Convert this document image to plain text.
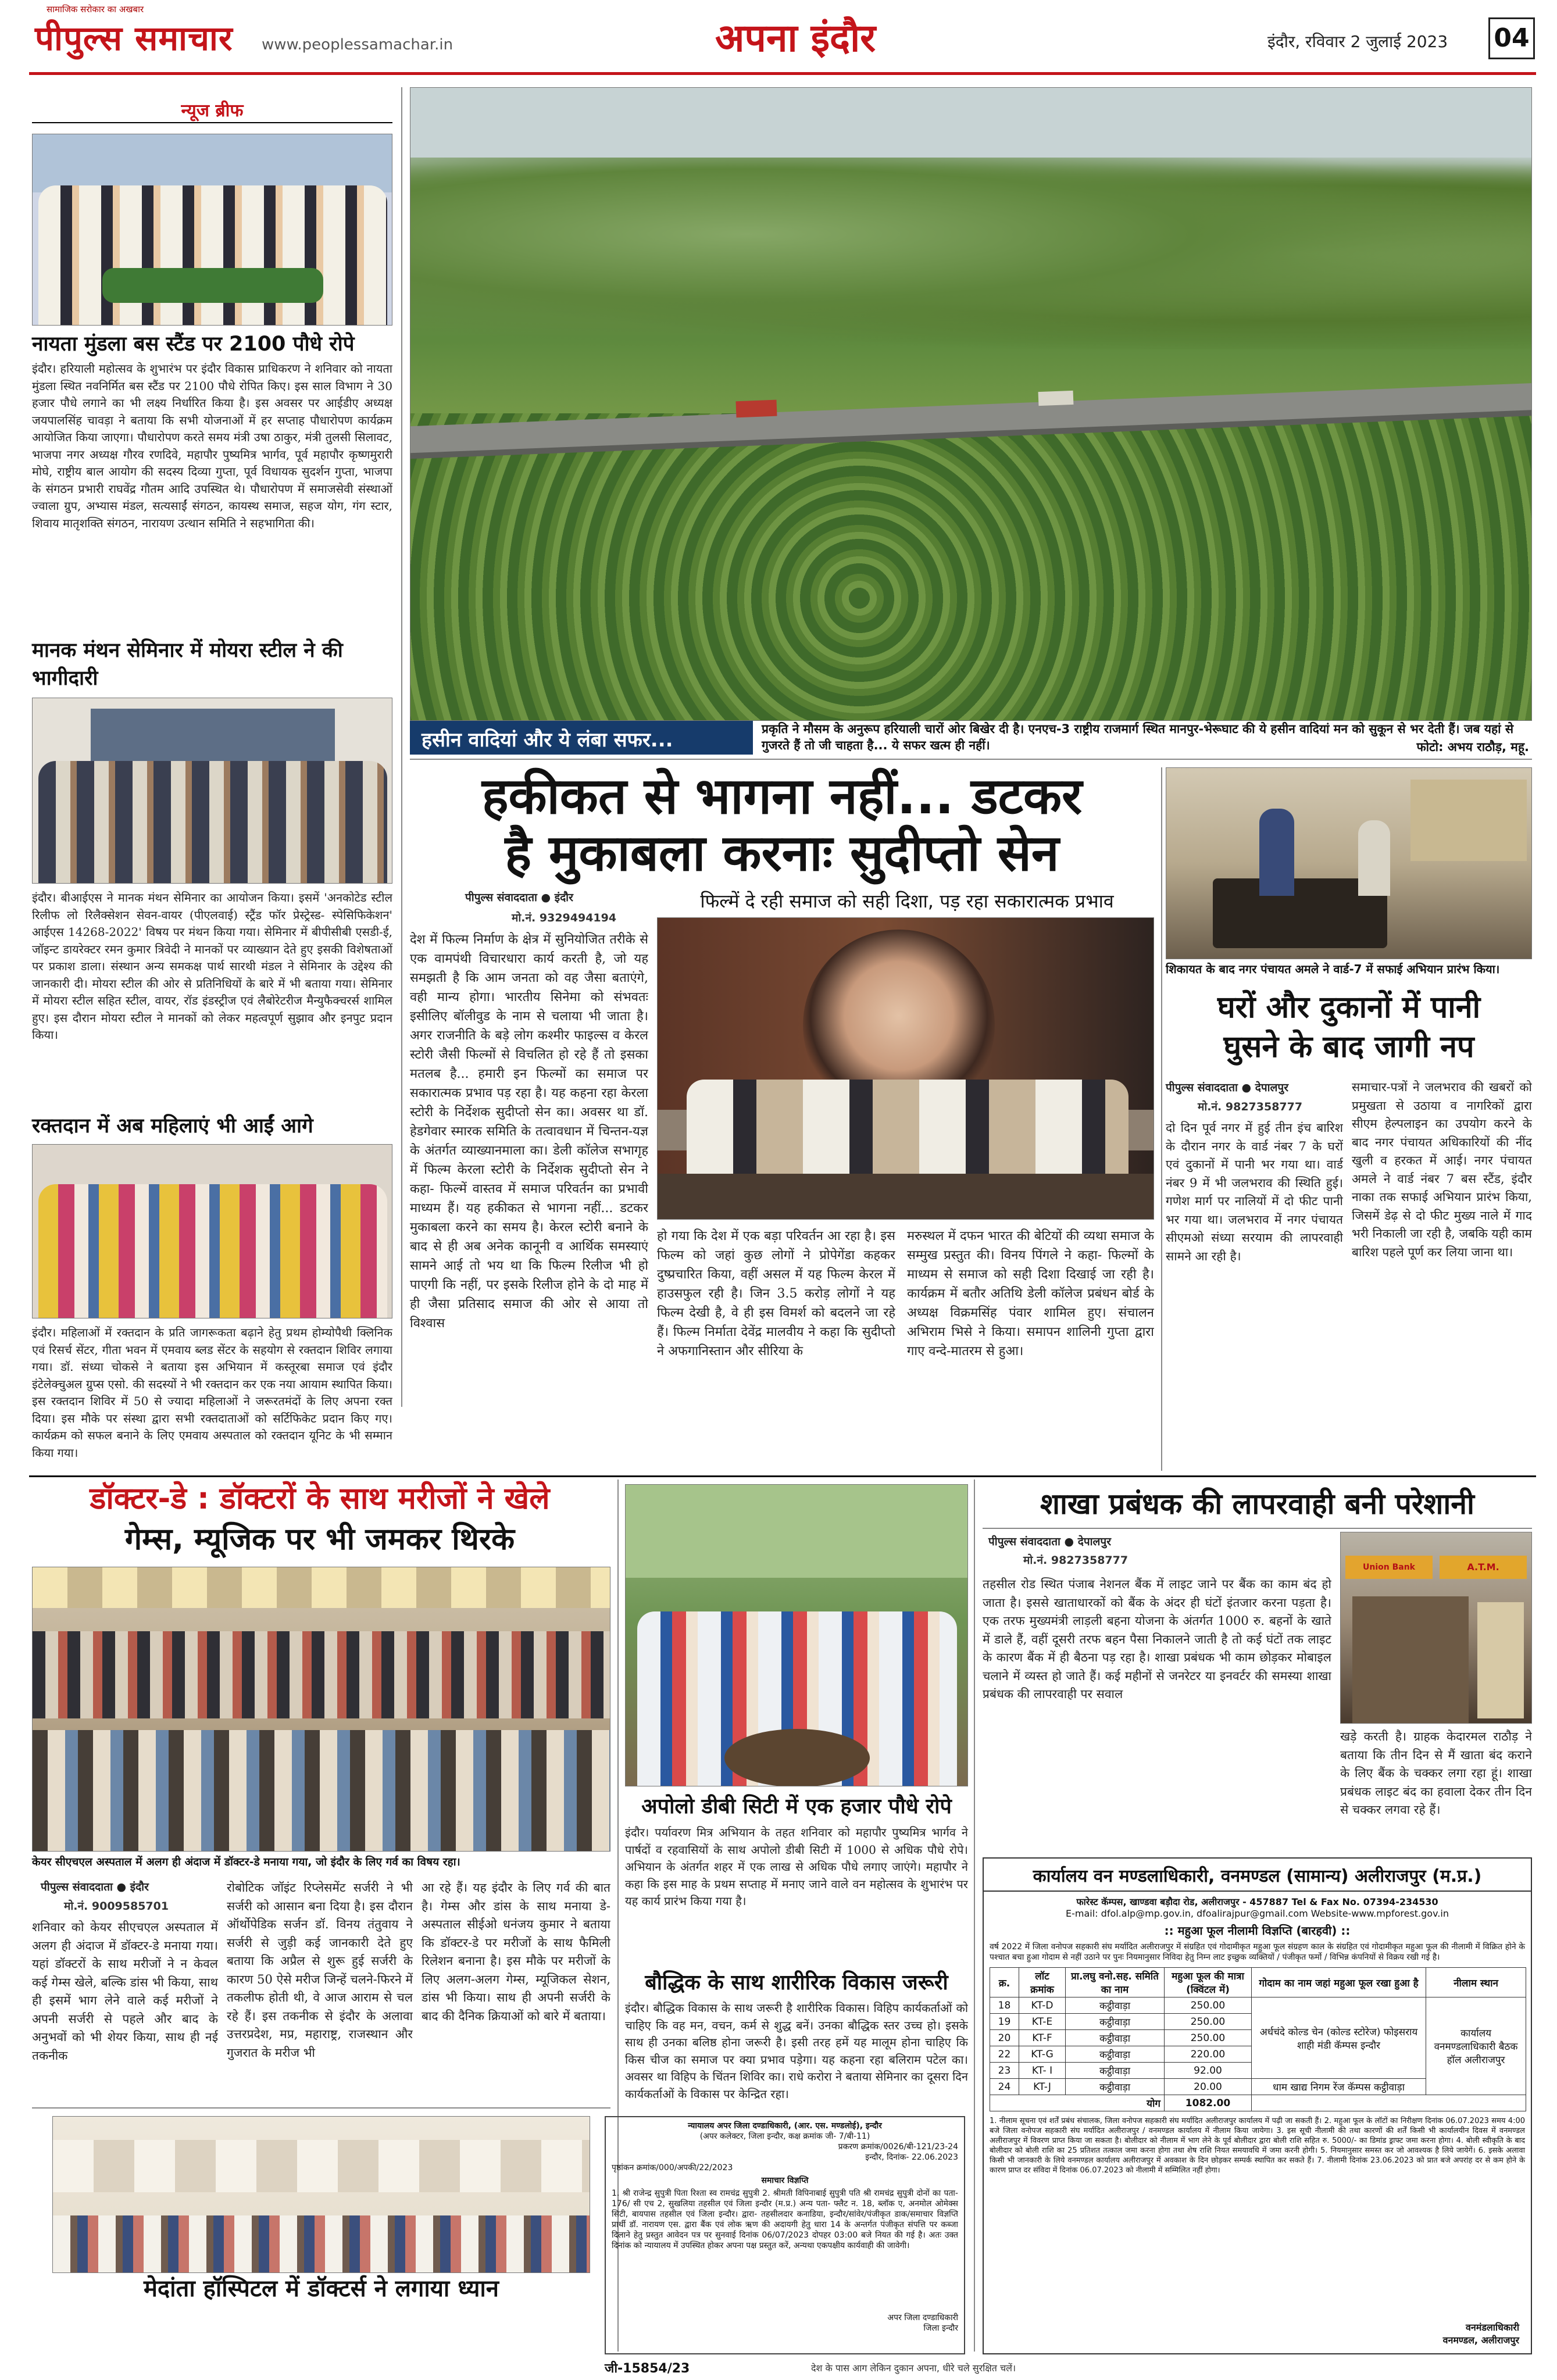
सामाजिक सरोकार का अखबार
पीपुल्स समाचार www.peoplessamachar.in	अपना इंदौर	इंदौर, रविवार 2 जुलाई 2023 04
न्यूज ब्रीफ
नायता मुंडला बस स्टैंड पर 2100 पौधे रोपे
इंदौर। हरियाली महोत्सव के शुभारंभ पर इंदौर विकास प्राधिकरण ने शनिवार को नायता मुंडला स्थित नवनिर्मित बस स्टैंड पर 2100 पौधे रोपित किए। इस साल विभाग ने 30 हजार पौधे लगाने का भी लक्ष्य निर्धारित किया है। इस अवसर पर आईडीए अध्यक्ष जयपालसिंह चावड़ा ने बताया कि सभी योजनाओं में हर सप्ताह पौधारोपण कार्यक्रम आयोजित किया जाएगा। पौधारोपण करते समय मंत्री उषा ठाकुर, मंत्री तुलसी सिलावट, भाजपा नगर अध्यक्ष गौरव रणदिवे, महापौर पुष्यमित्र भार्गव, पूर्व महापौर कृष्णमुरारी मोघे, राष्ट्रीय बाल आयोग की सदस्य दिव्या गुप्ता, पूर्व विधायक सुदर्शन गुप्ता, भाजपा के संगठन प्रभारी राघवेंद्र गौतम आदि उपस्थित थे। पौधारोपण में समाजसेवी संस्थाओं ज्वाला ग्रुप, अभ्यास मंडल, सत्यसाईं संगठन, कायस्थ समाज, सहज योग, गंग स्टार, शिवाय मातृशक्ति संगठन, नारायण उत्थान समिति ने सहभागिता की।
मानक मंथन सेमिनार में मोयरा स्टील ने की भागीदारी
इंदौर। बीआईएस ने मानक मंथन सेमिनार का आयोजन किया। इसमें 'अनकोटेड स्टील रिलीफ लो रिलैक्सेशन सेवन-वायर (पीएलवाई) स्ट्रैंड फॉर प्रेस्ट्रेस्ड- स्पेसिफिकेशन' आईएस 14268-2022' विषय पर मंथन किया गया। सेमिनार में बीपीसीबी एसडी-ई, जॉइन्ट डायरेक्टर रमन कुमार त्रिवेदी ने मानकों पर व्याख्यान देते हुए इसकी विशेषताओं पर प्रकाश डाला। संस्थान अन्य समकक्ष पार्थ सारथी मंडल ने सेमिनार के उद्देश्य की जानकारी दी। मोयरा स्टील की ओर से प्रतिनिधियों के बारे में भी बताया गया। सेमिनार में मोयरा स्टील सहित स्टील, वायर, रॉड इंडस्ट्रीज एवं लैबोरेटरीज मैन्युफैक्चरर्स शामिल हुए। इस दौरान मोयरा स्टील ने मानकों को लेकर महत्वपूर्ण सुझाव और इनपुट प्रदान किया।
रक्तदान में अब महिलाएं भी आईं आगे
इंदौर। महिलाओं में रक्तदान के प्रति जागरूकता बढ़ाने हेतु प्रथम होम्योपैथी क्लिनिक एवं रिसर्च सेंटर, गीता भवन में एमवाय ब्लड सेंटर के सहयोग से रक्तदान शिविर लगाया गया। डॉ. संध्या चोकसे ने बताया इस अभियान में कस्तूरबा समाज एवं इंदौर इंटेलेक्चुअल ग्रुप्स एसो. की सदस्यों ने भी रक्तदान कर एक नया आयाम स्थापित किया। इस रक्तदान शिविर में 50 से ज्यादा महिलाओं ने जरूरतमंदों के लिए अपना रक्त दिया। इस मौके पर संस्था द्वारा सभी रक्तदाताओं को सर्टिफिकेट प्रदान किए गए। कार्यक्रम को सफल बनाने के लिए एमवाय अस्पताल को रक्तदान यूनिट के भी सम्मान किया गया।
हसीन वादियां और ये लंबा सफर...	प्रकृति ने मौसम के अनुरूप हरियाली चारों ओर बिखेर दी है। एनएच-3 राष्ट्रीय राजमार्ग स्थित मानपुर-भेरूघाट की ये हसीन वादियां मन को सुकून से भर देती हैं। जब यहां से गुजरते हैं तो जी चाहता है... ये सफर खत्म ही नहीं।	फोटो: अभय राठौड़, महू.
हकीकत से भागना नहीं... डटकर
है मुकाबला करनाः सुदीप्तो सेन
पीपुल्स संवाददाता ● इंदौर
मो.नं. 9329494194
फिल्में दे रही समाज को सही दिशा, पड़ रहा सकारात्मक प्रभाव
देश में फिल्म निर्माण के क्षेत्र में सुनियोजित तरीके से एक वामपंथी विचारधारा कार्य करती है, जो यह समझती है कि आम जनता को वह जैसा बताएंगे, वही मान्य होगा। भारतीय सिनेमा को संभवतः इसीलिए बॉलीवुड के नाम से चलाया भी जाता है। अगर राजनीति के बड़े लोग कश्मीर फाइल्स व केरल स्टोरी जैसी फिल्मों से विचलित हो रहे हैं तो इसका मतलब है... हमारी इन फिल्मों का समाज पर सकारात्मक प्रभाव पड़ रहा है। यह कहना रहा केरला स्टोरी के निर्देशक सुदीप्तो सेन का। अवसर था डॉ. हेडगेवार स्मारक समिति के तत्वावधान में चिन्तन-यज्ञ के अंतर्गत व्याख्यानमाला का। डेली कॉलेज सभागृह में फिल्म केरला स्टोरी के निर्देशक सुदीप्तो सेन ने कहा- फिल्में वास्तव में समाज परिवर्तन का प्रभावी माध्यम हैं। यह हकीकत से भागना नहीं... डटकर मुकाबला करने का समय है। केरल स्टोरी बनाने के बाद से ही अब अनेक कानूनी व आर्थिक समस्याएं सामने आई तो भय था कि फिल्म रिलीज भी हो पाएगी कि नहीं, पर इसके रिलीज होने के दो माह में ही जैसा प्रतिसाद समाज की ओर से आया तो विश्वास
हो गया कि देश में एक बड़ा परिवर्तन आ रहा है। इस फिल्म को जहां कुछ लोगों ने प्रोपेगेंडा कहकर दुष्प्रचारित किया, वहीं असल में यह फिल्म केरल में हाउसफुल रही है। जिन 3.5 करोड़ लोगों ने यह फिल्म देखी है, वे ही इस विमर्श को बदलने जा रहे हैं। फिल्म निर्माता देवेंद्र मालवीय ने कहा कि सुदीप्तो ने अफगानिस्तान और सीरिया के
मरुस्थल में दफन भारत की बेटियों की व्यथा समाज के सम्मुख प्रस्तुत की। विनय पिंगले ने कहा- फिल्मों के माध्यम से समाज को सही दिशा दिखाई जा रही है। कार्यक्रम में बतौर अतिथि डेली कॉलेज प्रबंधन बोर्ड के अध्यक्ष विक्रमसिंह पंवार शामिल हुए। संचालन अभिराम भिसे ने किया। समापन शालिनी गुप्ता द्वारा गाए वन्दे-मातरम से हुआ।
शिकायत के बाद नगर पंचायत अमले ने वार्ड-7 में सफाई अभियान प्रारंभ किया।
घरों और दुकानों में पानी
घुसने के बाद जागी नप
पीपुल्स संवाददाता ● देपालपुर
मो.नं. 9827358777
दो दिन पूर्व नगर में हुई तीन इंच बारिश के दौरान नगर के वार्ड नंबर 7 के घरों एवं दुकानों में पानी भर गया था। वार्ड नंबर 9 में भी जलभराव की स्थिति हुई। गणेश मार्ग पर नालियों में दो फीट पानी भर गया था। जलभराव में नगर पंचायत सीएमओ संध्या सरयाम की लापरवाही सामने आ रही है।
समाचार-पत्रों ने जलभराव की खबरों को प्रमुखता से उठाया व नागरिकों द्वारा सीएम हेल्पलाइन का उपयोग करने के बाद नगर पंचायत अधिकारियों की नींद खुली व हरकत में आई। नगर पंचायत अमले ने वार्ड नंबर 7 बस स्टैंड, इंदौर नाका तक सफाई अभियान प्रारंभ किया, जिसमें डेढ़ से दो फीट मुख्य नाले में गाद भरी निकाली जा रही है, जबकि यही काम बारिश पहले पूर्ण कर लिया जाना था।
डॉक्टर-डे : डॉक्टरों के साथ मरीजों ने खेले
गेम्स, म्यूजिक पर भी जमकर थिरके
केयर सीएचएल अस्पताल में अलग ही अंदाज में डॉक्टर-डे मनाया गया, जो इंदौर के लिए गर्व का विषय रहा।
पीपुल्स संवाददाता ● इंदौर
मो.नं. 9009585701
शनिवार को केयर सीएचएल अस्पताल में अलग ही अंदाज में डॉक्टर-डे मनाया गया। यहां डॉक्टरों के साथ मरीजों ने न केवल कई गेम्स खेले, बल्कि डांस भी किया, साथ ही इसमें भाग लेने वाले कई मरीजों ने अपनी सर्जरी से पहले और बाद के अनुभवों को भी शेयर किया, साथ ही नई तकनीक
रोबोटिक जॉइंट रिप्लेसमेंट सर्जरी ने भी सर्जरी को आसान बना दिया है। इस दौरान ऑर्थोपेडिक सर्जन डॉ. विनय तंतुवाय ने सर्जरी से जुड़ी कई जानकारी देते हुए बताया कि अप्रैल से शुरू हुई सर्जरी के कारण 50 ऐसे मरीज जिन्हें चलने-फिरने में तकलीफ होती थी, वे आज आराम से चल रहे हैं। इस तकनीक से इंदौर के अलावा उत्तरप्रदेश, मप्र, महाराष्ट्र, राजस्थान और गुजरात के मरीज भी
आ रहे हैं। यह इंदौर के लिए गर्व की बात है। गेम्स और डांस के साथ मनाया डे- अस्पताल सीईओ धनंजय कुमार ने बताया कि डॉक्टर-डे पर मरीजों के साथ फैमिली रिलेशन बनाना है। इस मौके पर मरीजों के लिए अलग-अलग गेम्स, म्यूजिकल सेशन, डांस भी किया। साथ ही अपनी सर्जरी के बाद की दैनिक क्रियाओं को बारे में बताया।
अपोलो डीबी सिटी में एक हजार पौधे रोपे
इंदौर। पर्यावरण मित्र अभियान के तहत शनिवार को महापौर पुष्यमित्र भार्गव ने पार्षदों व रहवासियों के साथ अपोलो डीबी सिटी में 1000 से अधिक पौधे रोपे। अभियान के अंतर्गत शहर में एक लाख से अधिक पौधे लगाए जाएंगे। महापौर ने कहा कि इस माह के प्रथम सप्ताह में मनाए जाने वाले वन महोत्सव के शुभारंभ पर यह कार्य प्रारंभ किया गया है।
बौद्धिक के साथ शारीरिक विकास जरूरी
इंदौर। बौद्धिक विकास के साथ जरूरी है शारीरिक विकास। विहिप कार्यकर्ताओं को चाहिए कि वह मन, वचन, कर्म से शुद्ध बनें। उनका बौद्धिक स्तर उच्च हो। इसके साथ ही उनका बलिष्ठ होना जरूरी है। इसी तरह हमें यह मालूम होना चाहिए कि किस चीज का समाज पर क्या प्रभाव पड़ेगा। यह कहना रहा बलिराम पटेल का। अवसर था विहिप के चिंतन शिविर का। राधे करोरा ने बताया सेमिनार का दूसरा दिन कार्यकर्ताओं के विकास पर केन्द्रित रहा।
न्यायालय अपर जिला दण्डाधिकारी, (आर. एस. मण्डलोई), इन्दौर
(अपर कलेक्टर, जिला इन्दौर, कक्ष क्रमांक जी- 7/बी-11)
प्रकरण क्रमांक/0026/बी-121/23-24
इन्दौर, दिनांक- 22.06.2023
पृष्ठांकन क्रमांक/000/अपकी/22/2023
समाचार विज्ञप्ति
1. श्री राजेन्द्र सुपुत्री पिता रिश्ता स्व रामचंद्र सुपुत्री 2. श्रीमती विपिनाबाई सुपुत्री पति श्री रामचंद्र सुपुत्री दोनों का पता- 176/ सी एच 2, सुखलिया तहसील एवं जिला इन्दौर (म.प्र.) अन्य पता- फ्लैट न. 18, ब्लॉक ए, अनमोल ओमेक्स सिटी, बायपास तहसील एवं जिला इन्दौर। द्वारा- तहसीलदार कनाडिया, इन्दौर/सांवेर/पंजीकृत डाक/समाचार विज्ञप्ति प्रार्थी डॉ. नारायण एस. द्वारा बैंक एवं लोक ऋण की अदायगी हेतु धारा 14 के अन्तर्गत पंजीकृत संपत्ति पर कब्जा दिलाने हेतु प्रस्तुत आवेदन पत्र पर सुनवाई दिनांक 06/07/2023 दोपहर 03:00 बजे नियत की गई है। अतः उक्त दिनांक को न्यायालय में उपस्थित होकर अपना पक्ष प्रस्तुत करें, अन्यथा एकपक्षीय कार्यवाही की जावेगी।
अपर जिला दण्डाधिकारी
जिला इन्दौर
शाखा प्रबंधक की लापरवाही बनी परेशानी
पीपुल्स संवाददाता ● देपालपुर
मो.नं. 9827358777
Union Bank	A.T.M.
तहसील रोड स्थित पंजाब नेशनल बैंक में लाइट जाने पर बैंक का काम बंद हो जाता है। इससे खाताधारकों को बैंक के अंदर ही घंटों इंतजार करना पड़ता है। एक तरफ मुख्यमंत्री लाड़ली बहना योजना के अंतर्गत 1000 रु. बहनों के खाते में डाले हैं, वहीं दूसरी तरफ बहन पैसा निकालने जाती है तो कई घंटों तक लाइट के कारण बैंक में ही बैठना पड़ रहा है। शाखा प्रबंधक भी काम छोड़कर मोबाइल चलाने में व्यस्त हो जाते हैं। कई महीनों से जनरेटर या इनवर्टर की समस्या शाखा प्रबंधक की लापरवाही पर सवाल
खड़े करती है। ग्राहक केदारमल राठौड़ ने बताया कि तीन दिन से मैं खाता बंद कराने के लिए बैंक के चक्कर लगा रहा हूं। शाखा प्रबंधक लाइट बंद का हवाला देकर तीन दिन से चक्कर लगवा रहे हैं।
कार्यालय वन मण्डलाधिकारी, वनमण्डल (सामान्य) अलीराजपुर (म.प्र.)
फारेस्ट कॅम्पस, खाण्डवा बड़ौदा रोड, अलीराजपुर - 457887 Tel & Fax No. 07394-234530
E-mail: dfol.alp@mp.gov.in, dfoalirajpur@gmail.com Website-www.mpforest.gov.in
:: महुआ फूल नीलामी विज्ञप्ति (बारहवी) ::
वर्ष 2022 में जिला वनोपज सहकारी संघ मर्यादित अलीराजपुर में संग्रहित एवं गोदामीकृत महुआ फूल संग्रहण काल के संग्रहित एवं गोदामीकृत महुआ फूल की नीलामी में विक्रित होने के पश्चात बचा हुआ गोदाम से नहीं उठाने पर पुनः नियमानुसार निविदा हेतु निम्न लाट इच्छुक व्यक्तियों / पंजीकृत फर्मो / विभिन्न कंपनियों से विक्रय रखी गई है।
क्र.	लॉट क्रमांक	प्रा.लघु वनो.सह. समिति का नाम	महुआ फूल की मात्रा (क्विंटल में)	गोदाम का नाम जहां महुआ फूल रखा हुआ है	नीलाम स्थान
18	KT-D	कट्ठीवाड़ा	250.00	अर्धचंदे कोल्ड चेन (कोल्ड स्टोरेज) फोइसराय शाही मंडी कॅम्पस इन्दौर	कार्यालय वनमण्डलाधिकारी बैठक हॉल अलीराजपुर
19	KT-E	कट्ठीवाड़ा	250.00		
20	KT-F	कट्ठीवाड़ा	250.00		
22	KT-G	कट्ठीवाड़ा	220.00		
23	KT- I	कट्ठीवाड़ा	92.00		
24	KT-J	कट्ठीवाड़ा	20.00	धाम खाद्य निगम रेंज कॅम्पस कट्ठीवाड़ा	
योग			1082.00		
1. नीलाम सूचना एवं शर्तें प्रबंध संचालक, जिला वनोपज सहकारी संघ मर्यादित अलीराजपुर कार्यालय में पढ़ी जा सकती हैं। 2. महुआ फूल के लॉटों का निरीक्षण दिनांक 06.07.2023 समय 4:00 बजे जिला वनोपज सहकारी संघ मर्यादित अलीराजपुर / वनमण्डल कार्यालय में नीलाम किया जायेगा। 3. इस सूची नीलामी की तथा कारणों की शर्तें किसी भी कार्यालयीन दिवस में वनमण्डल अलीराजपुर में विवरण प्राप्त किया जा सकता है। बोलीदार को नीलाम में भाग लेने के पूर्व बोलीदार द्वारा बोली राशि सहित रु. 5000/- का डिमांड ड्राफ्ट जमा करना होगा। 4. बोली स्वीकृति के बाद बोलीदार को बोली राशि का 25 प्रतिशत तत्काल जमा करना होगा तथा शेष राशि नियत समयावधि में जमा करनी होगी। 5. नियमानुसार समस्त कर जो आवश्यक है लिये जायेगें। 6. इसके अलावा किसी भी जानकारी के लिये वनमण्डल कार्यालय अलीराजपुर में अवकाश के दिन छोड़कर सम्पर्क स्थापित कर सकते हैं। 7. नीलामी दिनांक 23.06.2023 को प्रात बजे अपरांह दर से कम होने के कारण प्राप्त दर संविदा में दिनांक 06.07.2023 को नीलामी में सम्मिलित नहीं होगा।
वनमंडलाधिकारी
वनमण्डल, अलीराजपुर
जी-15854/23	देश के पास आग लेकिन दुकान अपना, धीरे चले सुरक्षित चलें।
मेदांता हॉस्पिटल में डॉक्टर्स ने लगाया ध्यान
